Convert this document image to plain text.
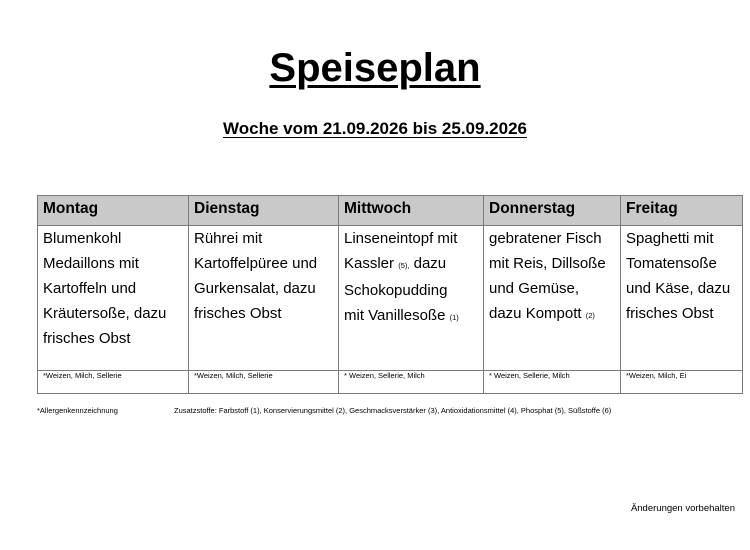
Speiseplan
Woche vom 21.09.2026 bis 25.09.2026
Montag	Dienstag	Mittwoch	Donnerstag	Freitag
Blumenkohl
Medaillons mit
Kartoffeln und
Kräutersoße, dazu
frisches Obst	Rührei mit
Kartoffelpüree und
Gurkensalat, dazu
frisches Obst	Linseneintopf mit
Kassler (5), dazu
Schokopudding
mit Vanillesoße (1)	gebratener Fisch
mit Reis, Dillsoße
und Gemüse,
dazu Kompott (2)	Spaghetti mit
Tomatensoße
und Käse, dazu
frisches Obst
*Weizen, Milch, Sellerie	*Weizen, Milch, Sellerie	* Weizen, Sellerie, Milch	* Weizen, Sellerie, Milch	*Weizen, Milch, Ei
*Allergenkennzeichnung	Zusatzstoffe: Farbstoff (1), Konservierungsmittel (2), Geschmacksverstärker (3), Antioxidationsmittel (4), Phosphat (5), Süßstoffe (6)
Änderungen vorbehalten
